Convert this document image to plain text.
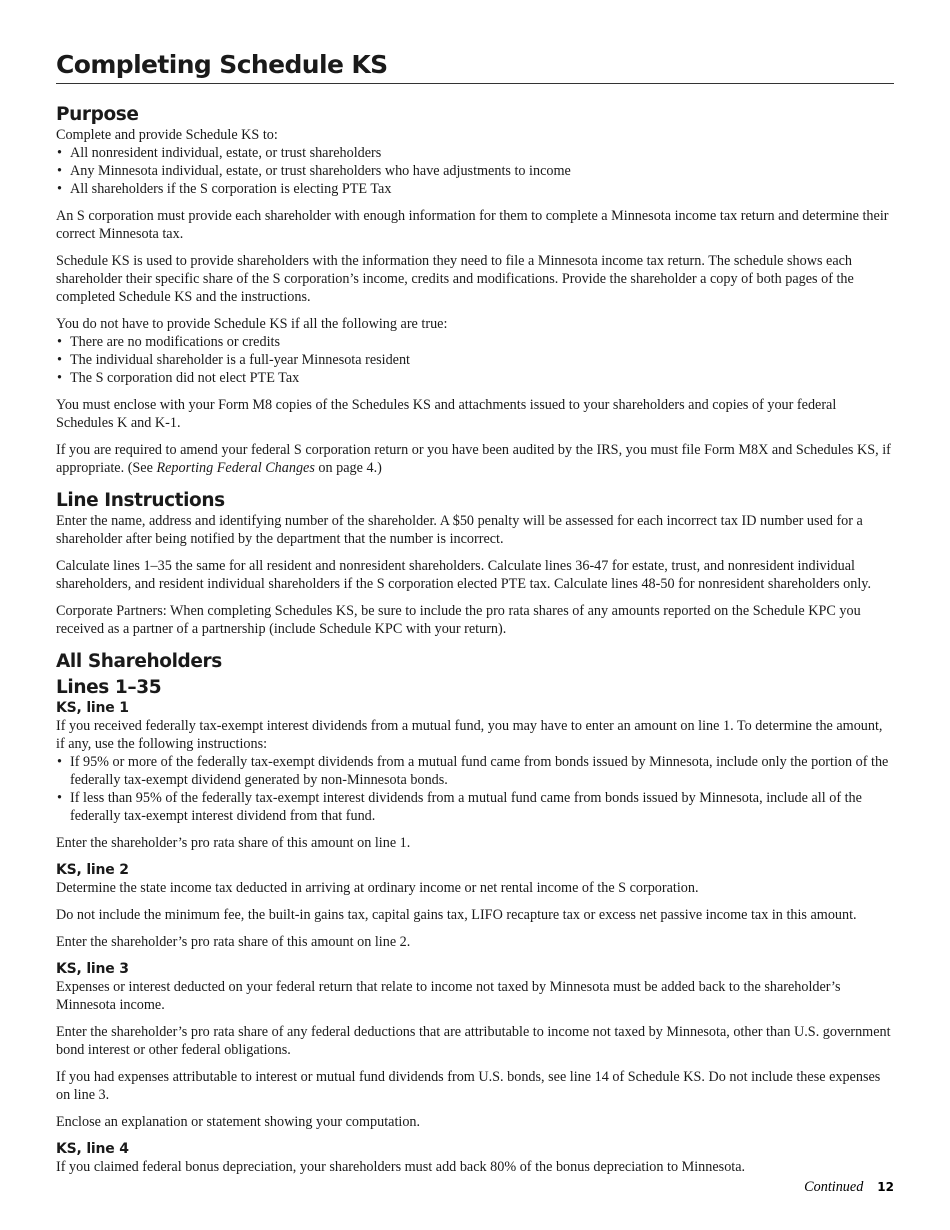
Completing Schedule KS
Purpose

Complete and provide Schedule KS to:

• All nonresident individual, estate, or trust shareholders
• Any Minnesota individual, estate, or trust shareholders who have adjustments to income
• All shareholders if the S corporation is electing PTE Tax

An S corporation must provide each shareholder with enough information for them to complete a Minnesota income tax return and determine their correct Minnesota tax.

Schedule KS is used to provide shareholders with the information they need to file a Minnesota income tax return. The schedule shows each shareholder their specific share of the S corporation’s income, credits and modifications. Provide the shareholder a copy of both pages of the completed Schedule KS and the instructions.

You do not have to provide Schedule KS if all the following are true:

• There are no modifications or credits
• The individual shareholder is a full-year Minnesota resident
• The S corporation did not elect PTE Tax

You must enclose with your Form M8 copies of the Schedules KS and attachments issued to your shareholders and copies of your federal Schedules K and K-1.

If you are required to amend your federal S corporation return or you have been audited by the IRS, you must file Form M8X and Schedules KS, if appropriate. (See Reporting Federal Changes on page 4.)

Line Instructions

Enter the name, address and identifying number of the shareholder. A $50 penalty will be assessed for each incorrect tax ID number used for a shareholder after being notified by the department that the number is incorrect.

Calculate lines 1–35 the same for all resident and nonresident shareholders. Calculate lines 36-47 for estate, trust, and nonresident individual shareholders, and resident individual shareholders if the S corporation elected PTE tax. Calculate lines 48-50 for nonresident shareholders only.

Corporate Partners: When completing Schedules KS, be sure to include the pro rata shares of any amounts reported on the Schedule KPC you received as a partner of a partnership (include Schedule KPC with your return).

All Shareholders
Lines 1–35
KS, line 1

If you received federally tax-exempt interest dividends from a mutual fund, you may have to enter an amount on line 1. To determine the amount, if any, use the following instructions:

• If 95% or more of the federally tax-exempt dividends from a mutual fund came from bonds issued by Minnesota, include only the portion of the federally tax-exempt dividend generated by non-Minnesota bonds.
• If less than 95% of the federally tax-exempt interest dividends from a mutual fund came from bonds issued by Minnesota, include all of the federally tax-exempt interest dividend from that fund.

Enter the shareholder’s pro rata share of this amount on line 1.

KS, line 2

Determine the state income tax deducted in arriving at ordinary income or net rental income of the S corporation.

Do not include the minimum fee, the built-in gains tax, capital gains tax, LIFO recapture tax or excess net passive income tax in this amount.

Enter the shareholder’s pro rata share of this amount on line 2.

KS, line 3

Expenses or interest deducted on your federal return that relate to income not taxed by Minnesota must be added back to the shareholder’s Minnesota income.

Enter the shareholder’s pro rata share of any federal deductions that are attributable to income not taxed by Minnesota, other than U.S. government bond interest or other federal obligations.

If you had expenses attributable to interest or mutual fund dividends from U.S. bonds, see line 14 of Schedule KS. Do not include these expenses on line 3.

Enclose an explanation or statement showing your computation.

KS, line 4

If you claimed federal bonus depreciation, your shareholders must add back 80% of the bonus depreciation to Minnesota.

Continued 12
